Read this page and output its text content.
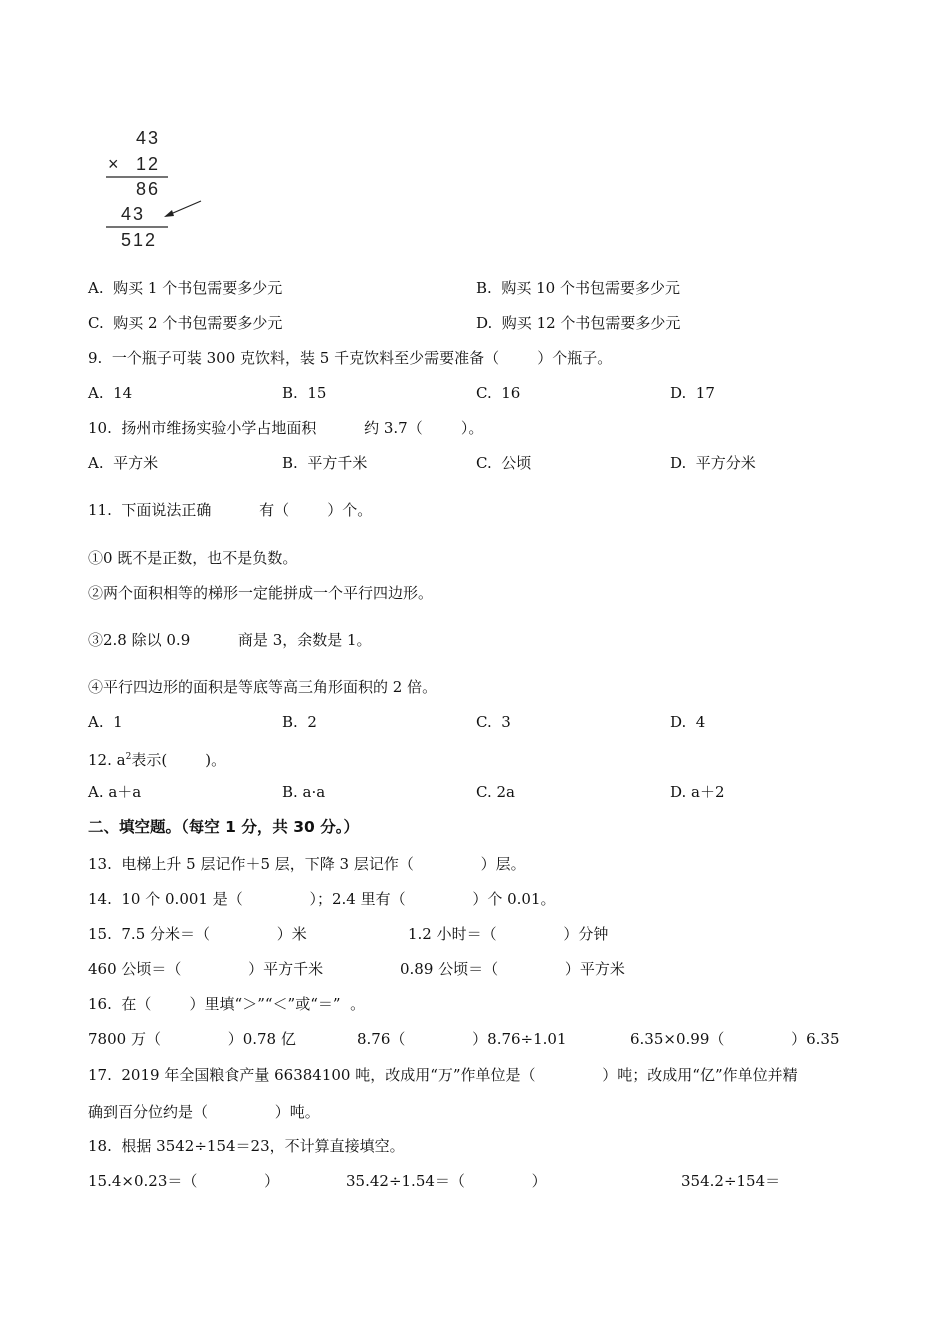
43
× 12
86
43
512
A.  购买 1 个书包需要多少元	B.  购买 10 个书包需要多少元
C.  购买 2 个书包需要多少元	D.  购买 12 个书包需要多少元
9.  一个瓶子可装 300 克饮料，装 5 千克饮料至少需要准备（        ）个瓶子。
A.  14	B.  15	C.  16	D.  17
10.  扬州市维扬实验小学占地面积          约 3.7（        ）。
A.  平方米	B.  平方千米	C.  公顷	D.  平方分米
11.  下面说法正确          有（        ）个。
①0 既不是正数，也不是负数。
②两个面积相等的梯形一定能拼成一个平行四边形。
③2.8 除以 0.9          商是 3，余数是 1。
④平行四边形的面积是等底等高三角形面积的 2 倍。
A.  1	B.  2	C.  3	D.  4
12. $a^2$表示(        )。
A. a＋a	B. a·a	C. 2a	D. a＋2
二、填空题。（每空 1 分，共 30 分。）
13.  电梯上升 5 层记作＋5 层，下降 3 层记作（              ）层。
14.  10 个 0.001 是（              ）；2.4 里有（              ）个 0.01。
15.  7.5 分米＝（              ）米	1.2 小时＝（              ）分钟
460 公顷＝（              ）平方千米	0.89 公顷＝（              ）平方米
16.  在（        ）里填“＞”“＜”或“＝”  。
7800 万（              ）0.78 亿	8.76（              ）8.76÷1.01	6.35×0.99（              ）6.35
17.  2019 年全国粮食产量 66384100 吨，改成用“万”作单位是（              ）吨；改成用“亿”作单位并精
确到百分位约是（              ）吨。
18.  根据 3542÷154＝23，不计算直接填空。
15.4×0.23＝（              ）	35.42÷1.54＝（              ）	354.2÷154＝
